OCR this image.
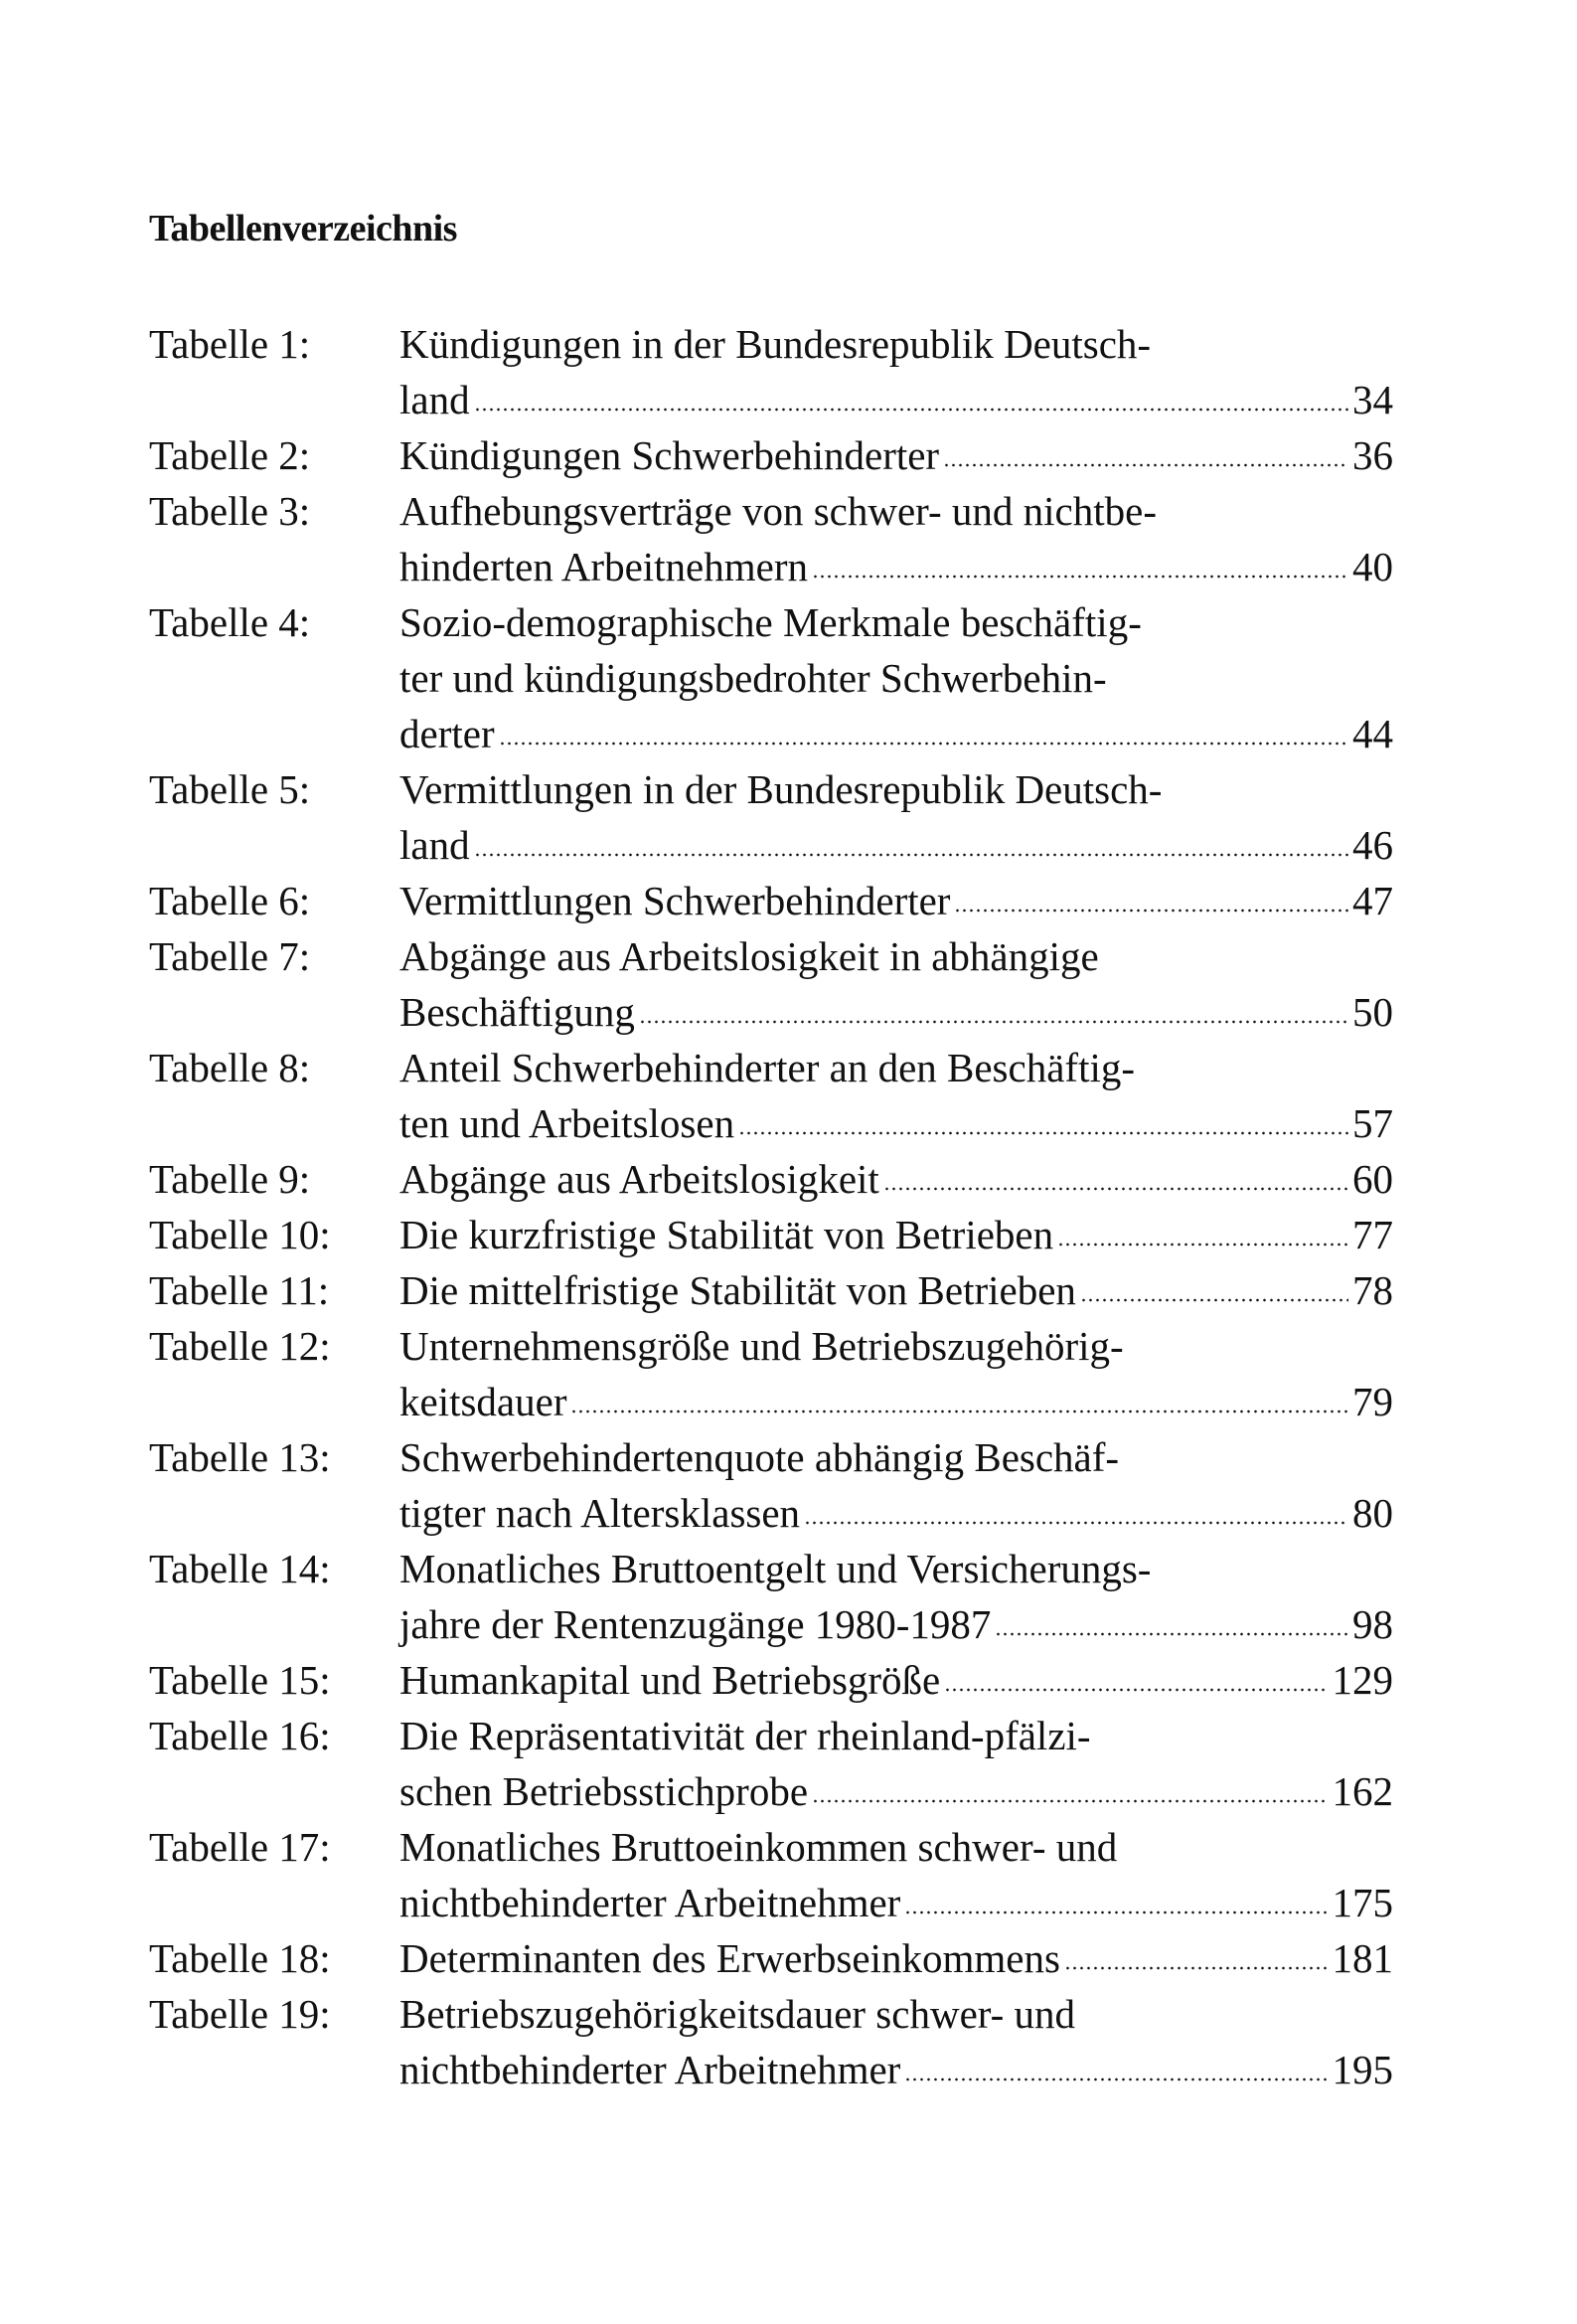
Tabellenverzeichnis
Tabelle 1:	Kündigungen in der Bundesrepublik Deutsch-
land	34
Tabelle 2:	Kündigungen Schwerbehinderter	36
Tabelle 3:	Aufhebungsverträge von schwer- und nichtbe-
hinderten Arbeitnehmern	40
Tabelle 4:	Sozio-demographische Merkmale beschäftig-
ter und kündigungsbedrohter Schwerbehin-
derter	44
Tabelle 5:	Vermittlungen in der Bundesrepublik Deutsch-
land	46
Tabelle 6:	Vermittlungen Schwerbehinderter	47
Tabelle 7:	Abgänge aus Arbeitslosigkeit in abhängige
Beschäftigung	50
Tabelle 8:	Anteil Schwerbehinderter an den Beschäftig-
ten und Arbeitslosen	57
Tabelle 9:	Abgänge aus Arbeitslosigkeit	60
Tabelle 10:	Die kurzfristige Stabilität von Betrieben	77
Tabelle 11:	Die mittelfristige Stabilität von Betrieben	78
Tabelle 12:	Unternehmensgröße und Betriebszugehörig-
keitsdauer	79
Tabelle 13:	Schwerbehindertenquote abhängig Beschäf-
tigter nach Altersklassen	80
Tabelle 14:	Monatliches Bruttoentgelt und Versicherungs-
jahre der Rentenzugänge 1980-1987	98
Tabelle 15:	Humankapital und Betriebsgröße	129
Tabelle 16:	Die Repräsentativität der rheinland-pfälzi-
schen Betriebsstichprobe	162
Tabelle 17:	Monatliches Bruttoeinkommen schwer- und
nichtbehinderter Arbeitnehmer	175
Tabelle 18:	Determinanten des Erwerbseinkommens	181
Tabelle 19:	Betriebszugehörigkeitsdauer schwer- und
nichtbehinderter Arbeitnehmer	195
